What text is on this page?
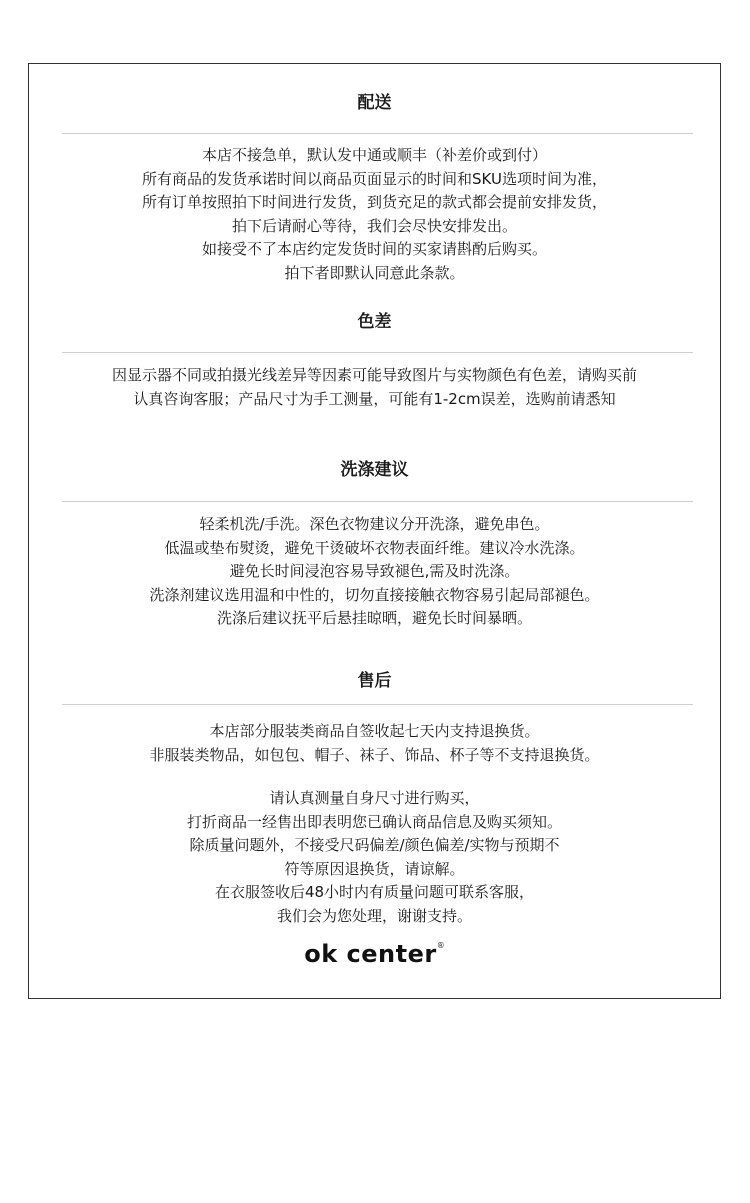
配送
本店不接急单，默认发中通或顺丰（补差价或到付）
所有商品的发货承诺时间以商品页面显示的时间和SKU选项时间为准，
所有订单按照拍下时间进行发货，到货充足的款式都会提前安排发货，
拍下后请耐心等待，我们会尽快安排发出。
如接受不了本店约定发货时间的买家请斟酌后购买。
拍下者即默认同意此条款。
色差
因显示器不同或拍摄光线差异等因素可能导致图片与实物颜色有色差，请购买前
认真咨询客服；产品尺寸为手工测量，可能有1-2cm误差，选购前请悉知
洗涤建议
轻柔机洗/手洗。深色衣物建议分开洗涤，避免串色。
低温或垫布熨烫，避免干烫破坏衣物表面纤维。建议冷水洗涤。
避免长时间浸泡容易导致褪色,需及时洗涤。
洗涤剂建议选用温和中性的，切勿直接接触衣物容易引起局部褪色。
洗涤后建议抚平后悬挂晾晒，避免长时间暴晒。
售后
本店部分服装类商品自签收起七天内支持退换货。
非服装类物品，如包包、帽子、袜子、饰品、杯子等不支持退换货。
请认真测量自身尺寸进行购买，
打折商品一经售出即表明您已确认商品信息及购买须知。
除质量问题外，不接受尺码偏差/颜色偏差/实物与预期不
符等原因退换货，请谅解。
在衣服签收后48小时内有质量问题可联系客服，
我们会为您处理，谢谢支持。
ok center®
